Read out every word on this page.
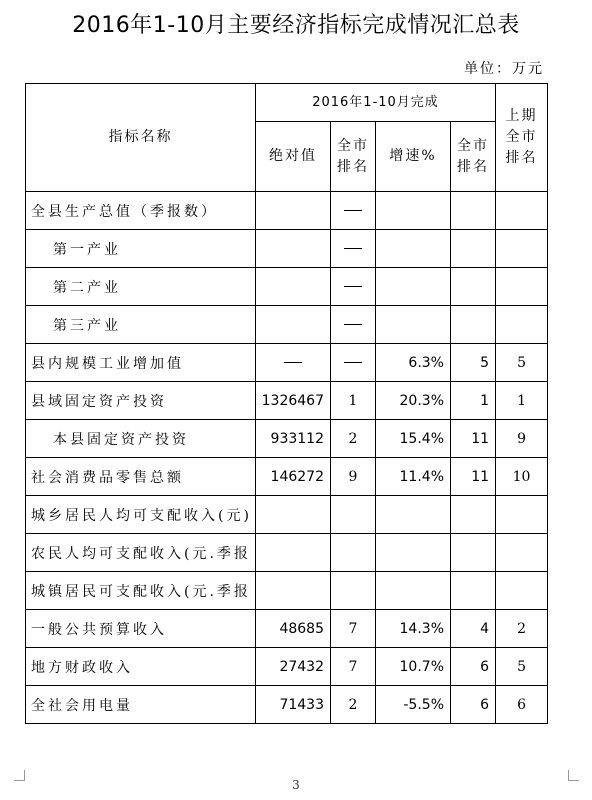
2016年1-10月主要经济指标完成情况汇总表
单位：万元
指标名称	2016年1-10月完成				上期全市排名
	绝对值	全市排名	增速%	全市排名	
全县生产总值（季报数）					
第一产业					
第二产业					
第三产业					
县内规模工业增加值			6.3%	5	5
县域固定资产投资	1326467	1	20.3%	1	1
本县固定资产投资	933112	2	15.4%	11	9
社会消费品零售总额	146272	9	11.4%	11	10
城乡居民人均可支配收入(元)					
农民人均可支配收入(元.季报					
城镇居民可支配收入(元.季报					
一般公共预算收入	48685	7	14.3%	4	2
地方财政收入	27432	7	10.7%	6	5
全社会用电量	71433	2	-5.5%	6	6
3
